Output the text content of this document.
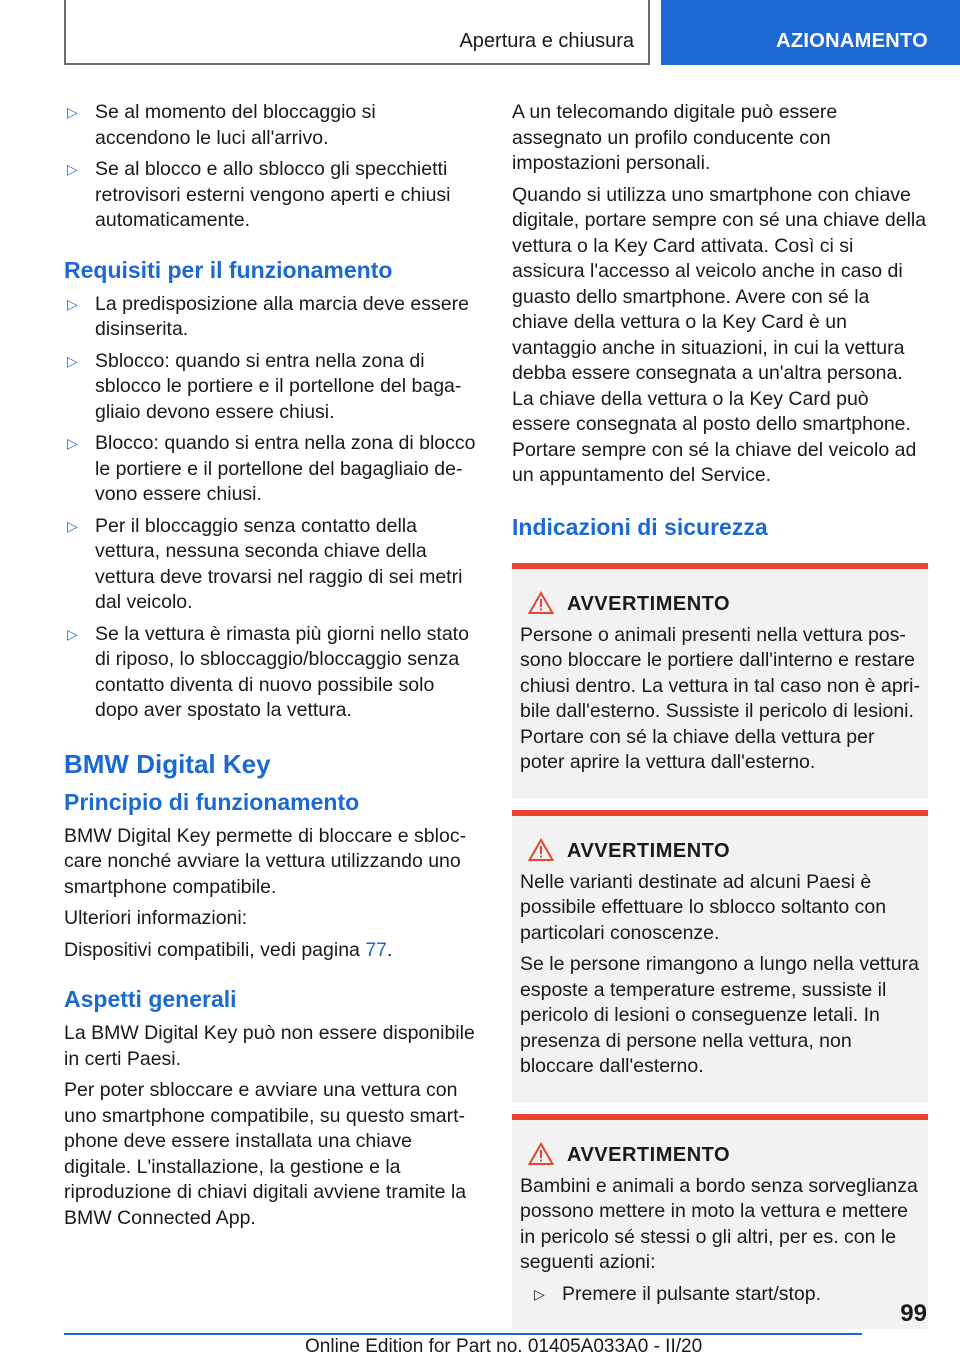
Apertura e chiusura	AZIONAMENTO
▷ Se al momento del bloccaggio si accendono le luci all'arrivo.
▷ Se al blocco e allo sblocco gli specchietti retrovisori esterni vengono aperti e chiusi automaticamente.
Requisiti per il funzionamento
▷ La predisposizione alla marcia deve essere disinserita.
▷ Sblocco: quando si entra nella zona di sblocco le portiere e il portellone del bagagliaio devono essere chiusi.
▷ Blocco: quando si entra nella zona di blocco le portiere e il portellone del bagagliaio devono essere chiusi.
▷ Per il bloccaggio senza contatto della vettura, nessuna seconda chiave della vettura deve trovarsi nel raggio di sei metri dal veicolo.
▷ Se la vettura è rimasta più giorni nello stato di riposo, lo sbloccaggio/bloccaggio senza contatto diventa di nuovo possibile solo dopo aver spostato la vettura.
BMW Digital Key
Principio di funzionamento

BMW Digital Key permette di bloccare e sbloccare nonché avviare la vettura utilizzando uno smartphone compatibile.

Ulteriori informazioni:

Dispositivi compatibili, vedi pagina 77.

Aspetti generali

La BMW Digital Key può non essere disponibile in certi Paesi.

Per poter sbloccare e avviare una vettura con uno smartphone compatibile, su questo smartphone deve essere installata una chiave digitale. L'installazione, la gestione e la riproduzione di chiavi digitali avviene tramite la BMW Connected App.

A un telecomando digitale può essere assegnato un profilo conducente con impostazioni personali.

Quando si utilizza uno smartphone con chiave digitale, portare sempre con sé una chiave della vettura o la Key Card attivata. Così ci si assicura l'accesso al veicolo anche in caso di guasto dello smartphone. Avere con sé la chiave della vettura o la Key Card è un vantaggio anche in situazioni, in cui la vettura debba essere consegnata a un'altra persona. La chiave della vettura o la Key Card può essere consegnata al posto dello smartphone. Portare sempre con sé la chiave del veicolo ad un appuntamento del Service.

Indicazioni di sicurezza
AVVERTIMENTO

Persone o animali presenti nella vettura possono bloccare le portiere dall'interno e restare chiusi dentro. La vettura in tal caso non è apribile dall'esterno. Sussiste il pericolo di lesioni. Portare con sé la chiave della vettura per poter aprire la vettura dall'esterno.

AVVERTIMENTO

Nelle varianti destinate ad alcuni Paesi è possibile effettuare lo sblocco soltanto con particolari conoscenze.

Se le persone rimangono a lungo nella vettura esposte a temperature estreme, sussiste il pericolo di lesioni o conseguenze letali. In presenza di persone nella vettura, non bloccare dall'esterno.

AVVERTIMENTO

Bambini e animali a bordo senza sorveglianza possono mettere in moto la vettura e mettere in pericolo sé stessi o gli altri, per es. con le seguenti azioni:

▷ Premere il pulsante start/stop.
99
Online Edition for Part no. 01405A033A0 - II/20
